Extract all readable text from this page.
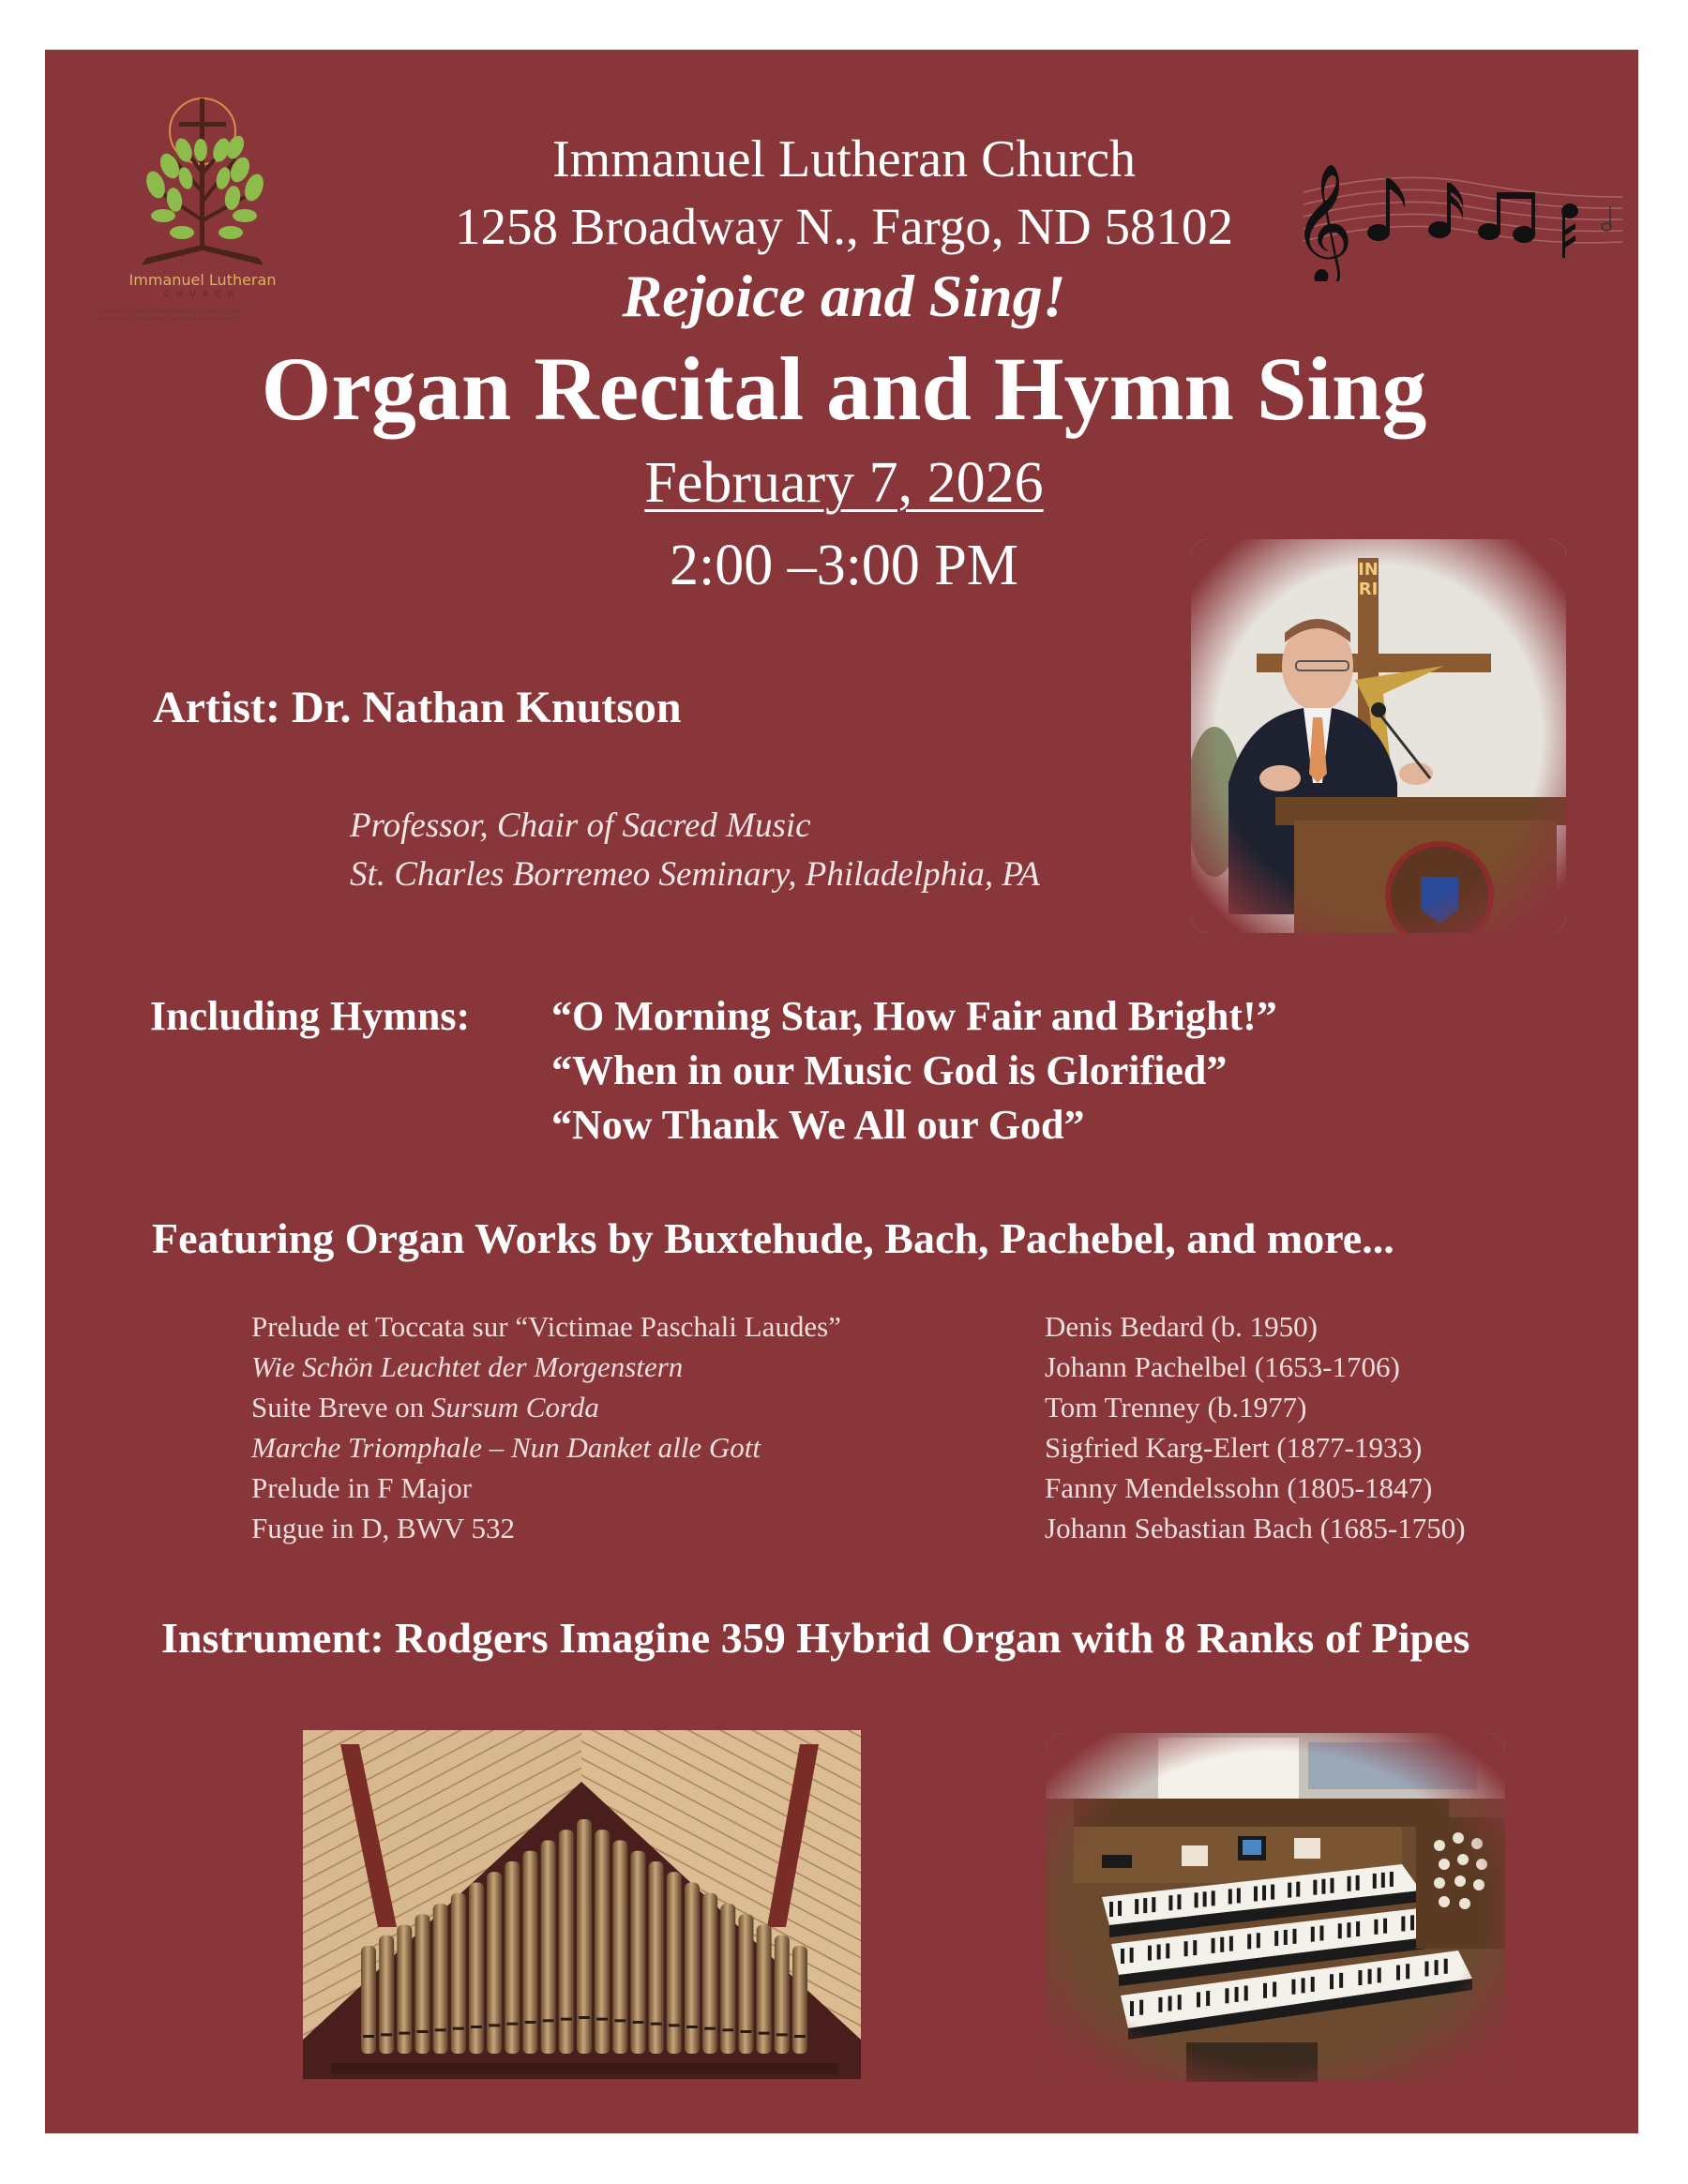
Immanuel Lutheran
CHURCH
Rooted in God's Word. Growing in Christ's love.
Branching out to serve. Bearing fruits of faith.
𝄞
Immanuel Lutheran Church
1258 Broadway N., Fargo, ND 58102
Rejoice and Sing!
Organ Recital and Hymn Sing
February 7, 2026
2:00 –3:00 PM	INRI
Artist: Dr. Nathan Knutson
Professor, Chair of Sacred Music
St. Charles Borremeo Seminary, Philadelphia, PA
Including Hymns: “O Morning Star, How Fair and Bright!”
“When in our Music God is Glorified”
“Now Thank We All our God”
Featuring Organ Works by Buxtehude, Bach, Pachebel, and more...
Prelude et Toccata sur “Victimae Paschali Laudes”
Wie Schön Leuchtet der Morgenstern
Suite Breve on Sursum Corda
Marche Triomphale – Nun Danket alle Gott
Prelude in F Major
Fugue in D, BWV 532
Denis Bedard (b. 1950)
Johann Pachelbel (1653-1706)
Tom Trenney (b.1977)
Sigfried Karg-Elert (1877-1933)
Fanny Mendelssohn (1805-1847)
Johann Sebastian Bach (1685-1750)
Instrument: Rodgers Imagine 359 Hybrid Organ with 8 Ranks of Pipes
